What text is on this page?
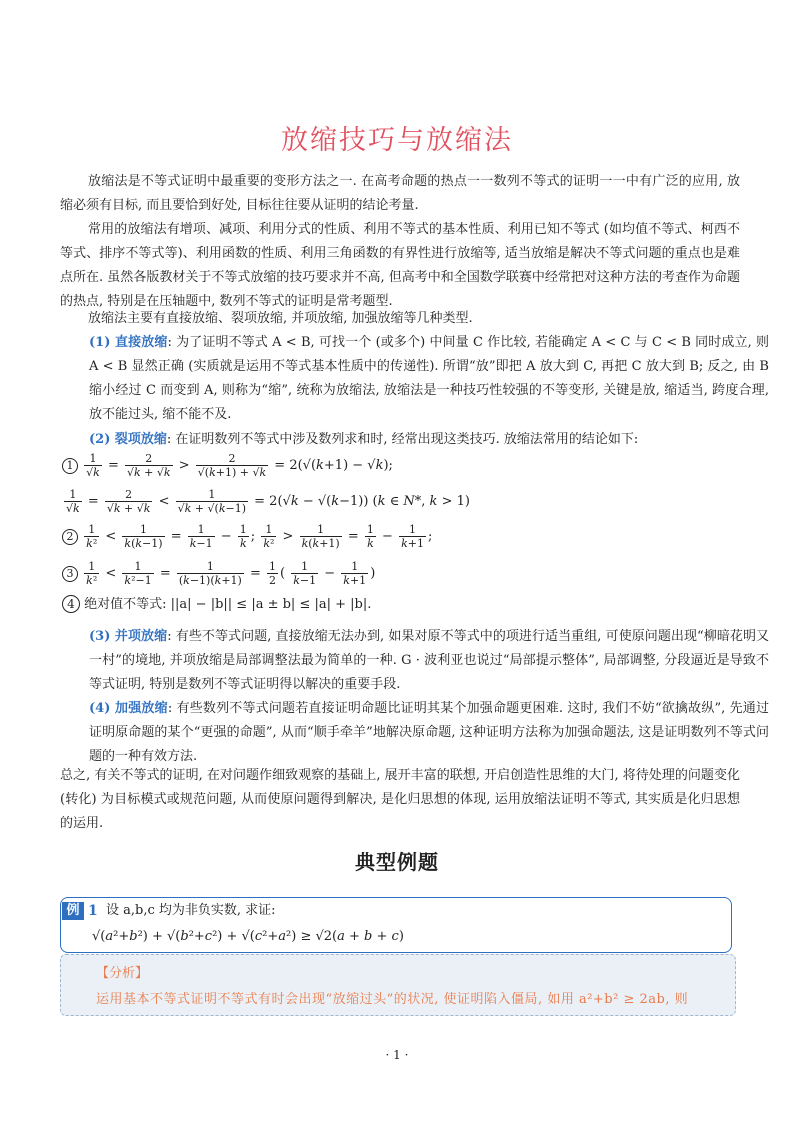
放缩技巧与放缩法
放缩法是不等式证明中最重要的变形方法之一. 在高考命题的热点一一数列不等式的证明一一中有广泛的应用, 放缩必须有目标, 而且要恰到好处, 目标往往要从证明的结论考量.
常用的放缩法有增项、减项、利用分式的性质、利用不等式的基本性质、利用已知不等式 (如均值不等式、柯西不等式、排序不等式等)、利用函数的性质、利用三角函数的有界性进行放缩等, 适当放缩是解决不等式问题的重点也是难点所在. 虽然各版教材关于不等式放缩的技巧要求并不高, 但高考中和全国数学联赛中经常把对这种方法的考查作为命题的热点, 特别是在压轴题中, 数列不等式的证明是常考题型.
放缩法主要有直接放缩、裂项放缩, 并项放缩, 加强放缩等几种类型.
(1) 直接放缩: 为了证明不等式 A < B, 可找一个 (或多个) 中间量 C 作比较, 若能确定 A < C 与 C < B 同时成立, 则 A < B 显然正确 (实质就是运用不等式基本性质中的传递性). 所谓“放”即把 A 放大到 C, 再把 C 放大到 B; 反之, 由 B 缩小经过 C 而变到 A, 则称为“缩”, 统称为放缩法, 放缩法是一种技巧性较强的不等变形, 关键是放, 缩适当, 跨度合理, 放不能过头, 缩不能不及.
(2) 裂项放缩: 在证明数列不等式中涉及数列求和时, 经常出现这类技巧. 放缩法常用的结论如下:
$1 \frac{1}{√k} = \frac{2}{√k + √k} > \frac{2}{√(k+1) + √k} = 2(√(k+1) - √k)$;
$\frac{1}{√k} = \frac{2}{√k + √k} < \frac{1}{√k + √(k-1)} = 2(√k - √(k-1))$ (k ∈ N*, k > 1)
$2 \frac{1}{\text{k²}} < \frac{1}{k(k-1)} = \frac{1}{k-1} - \frac{1}{k}$ ; $\frac{1}{\text{k²}} > \frac{1}{k(k+1)} = \frac{1}{k} - \frac{1}{k+1}$ ;
$3 \frac{1}{\text{k²}} < \frac{1}{\text{k²−1}} = \frac{1}{(k-1)(k+1)} = \frac{1}{2}$ ( $\frac{1}{k-1} - \frac{1}{k+1}$ )
4 绝对值不等式: ||a| − |b|| ≤ |a ± b| ≤ |a| + |b|.
(3) 并项放缩: 有些不等式问题, 直接放缩无法办到, 如果对原不等式中的项进行适当重组, 可使原问题出现“柳暗花明又一村”的境地, 并项放缩是局部调整法最为简单的一种. G · 波利亚也说过“局部提示整体”, 局部调整, 分段逼近是导致不等式证明, 特别是数列不等式证明得以解决的重要手段.
(4) 加强放缩: 有些数列不等式问题若直接证明命题比证明其某个加强命题更困难. 这时, 我们不妨“欲擒故纵”, 先通过证明原命题的某个“更强的命题”, 从而“顺手牵羊”地解决原命题, 这种证明方法称为加强命题法, 这是证明数列不等式问题的一种有效方法.
总之, 有关不等式的证明, 在对问题作细致观察的基础上, 展开丰富的联想, 开启创造性思维的大门, 将待处理的问题变化 (转化) 为目标模式或规范问题, 从而使原问题得到解决, 是化归思想的体现, 运用放缩法证明不等式, 其实质是化归思想的运用.
典型例题
例 1 设 a,b,c 均为非负实数, 求证:
√(a²+b²) + √(b²+c²) + √(c²+a²) ≥ √2(a + b + c)
【分析】
运用基本不等式证明不等式有时会出现“放缩过头”的状况, 使证明陷入僵局, 如用 a²+b² ≥ 2ab, 则
· 1 ·
